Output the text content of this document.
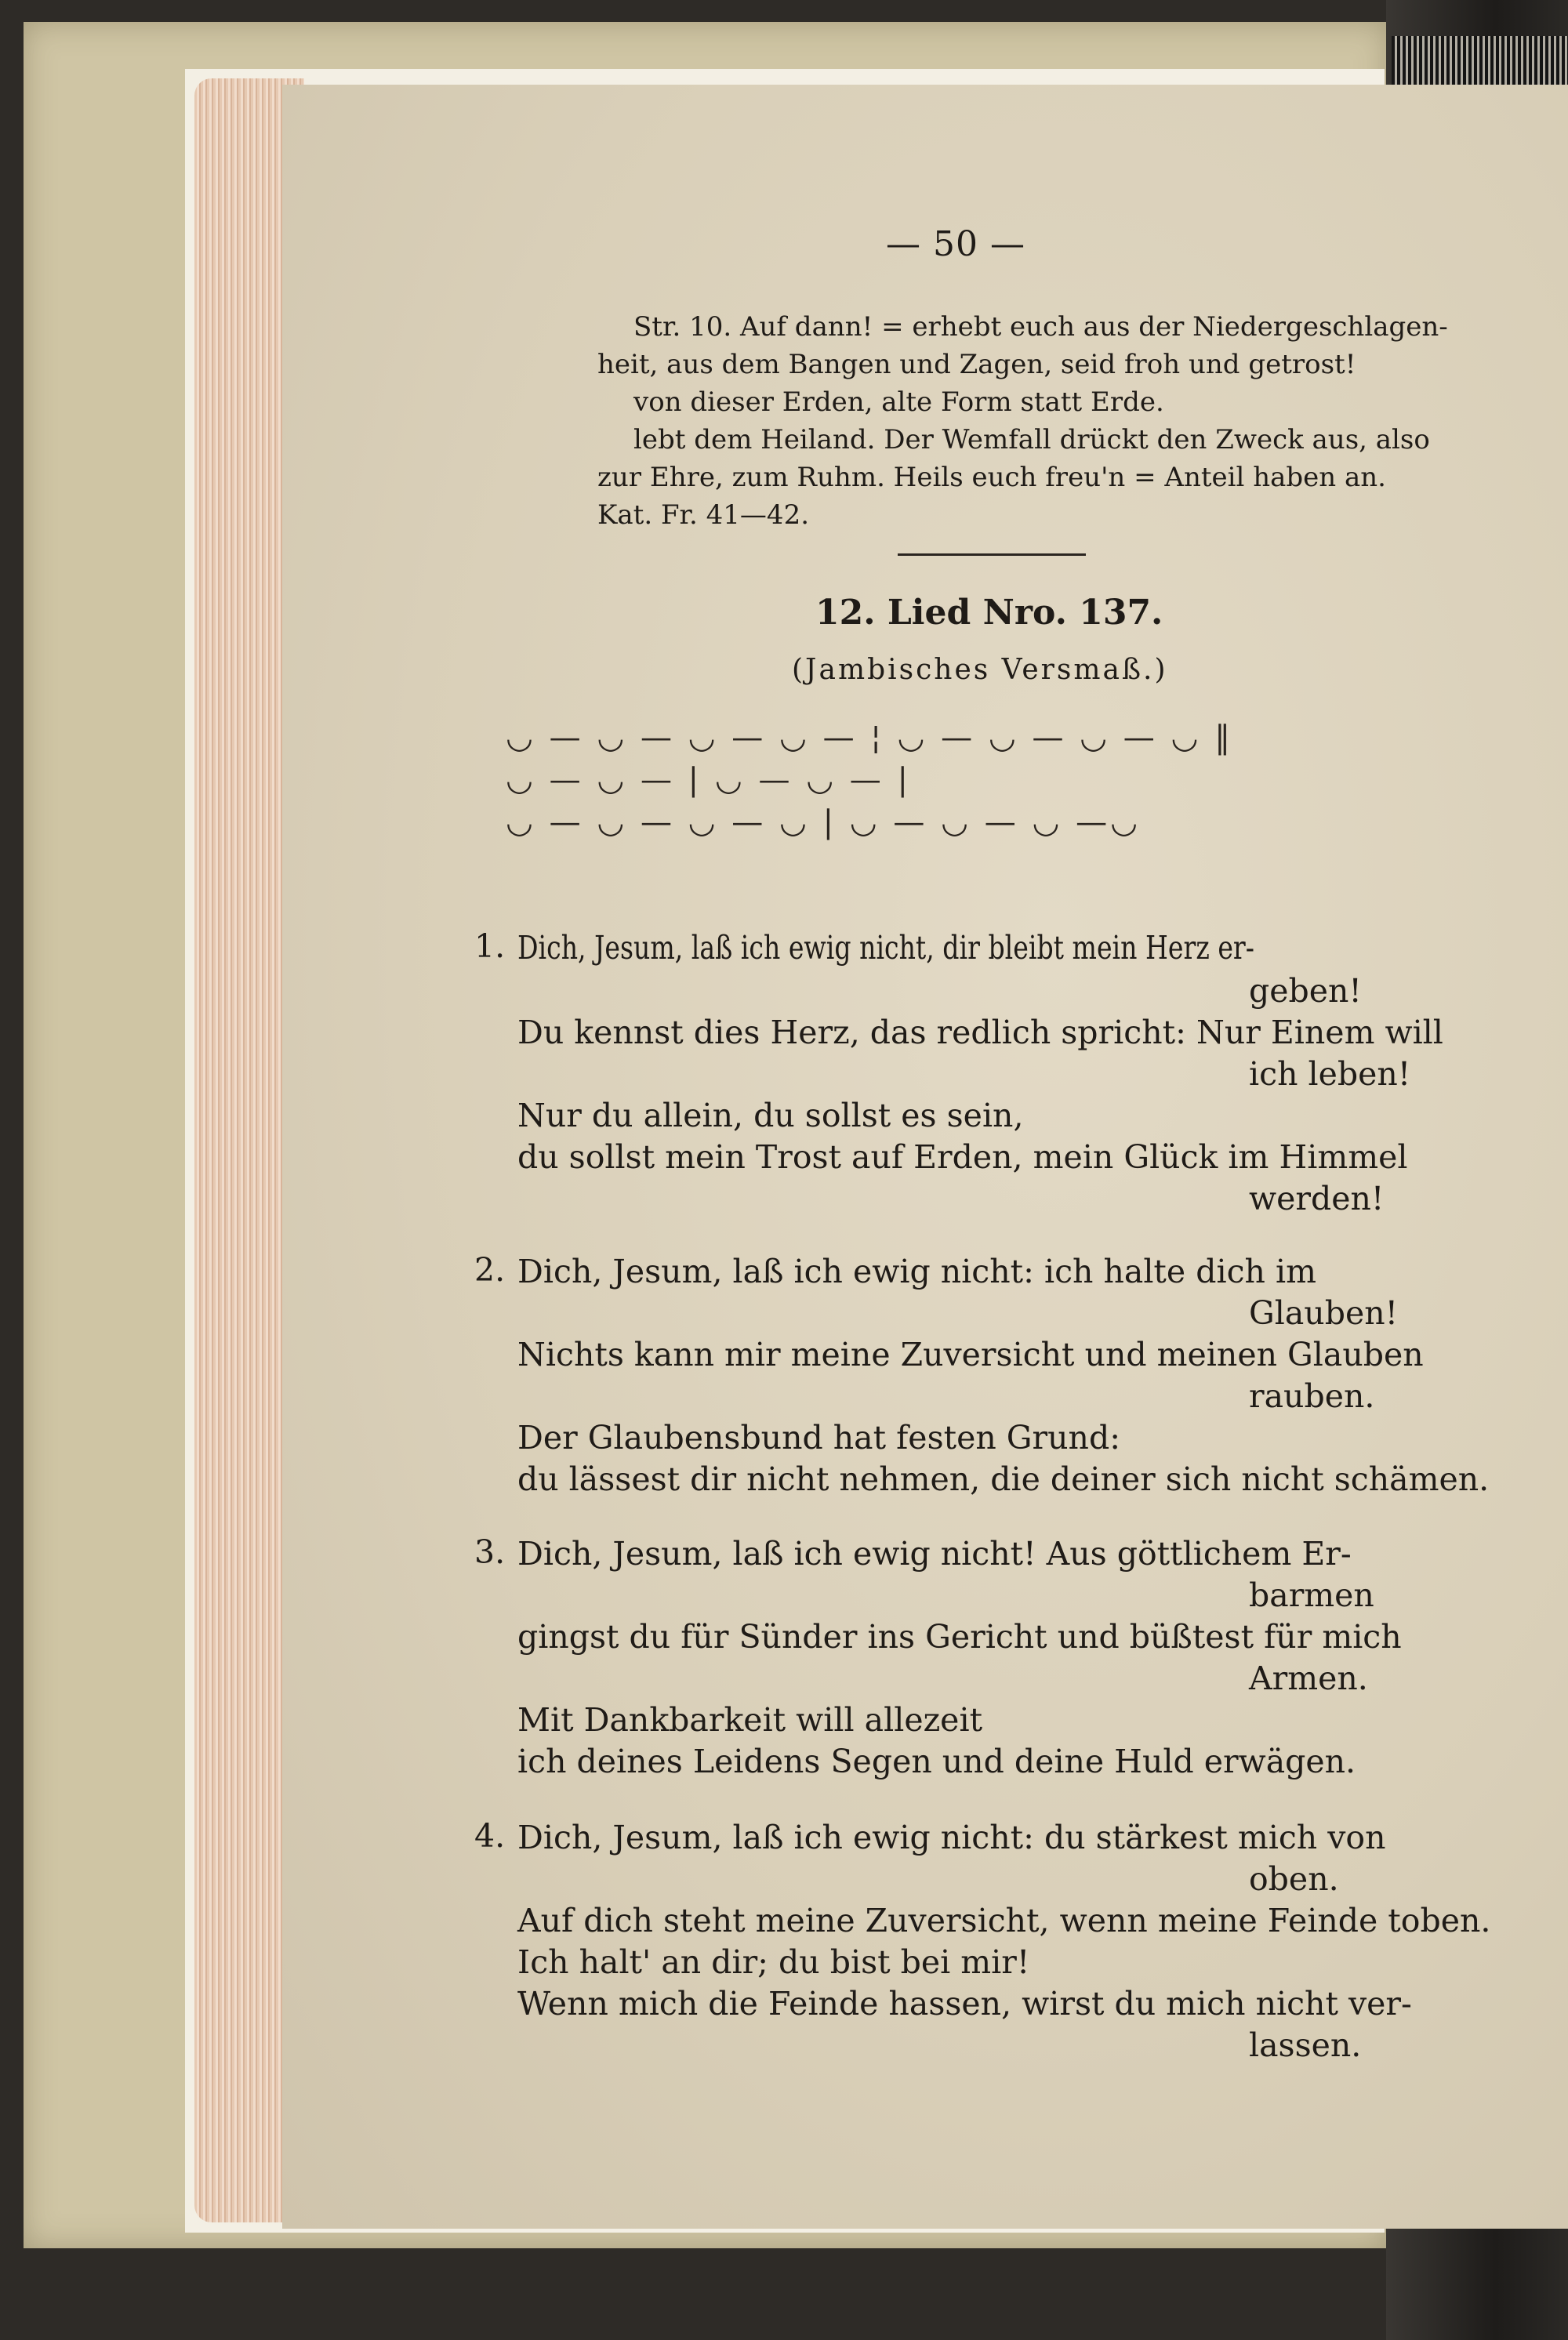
— 50 —
Str. 10. Auf dann! = erhebt euch aus der Niedergeschlagen-
heit, aus dem Bangen und Zagen, seid froh und getrost!
von dieser Erden, alte Form statt Erde.
lebt dem Heiland. Der Wemfall drückt den Zweck aus, also
zur Ehre, zum Ruhm. Heils euch freu'n = Anteil haben an.
Kat. Fr. 41—42.
12. Lied Nro. 137.
(Jambisches Versmaß.)
◡ — ◡ — ◡ — ◡ — ¦ ◡ — ◡ — ◡ — ◡ ‖
◡ — ◡ — | ◡ — ◡ — |
◡ — ◡ — ◡ — ◡ | ◡ — ◡ — ◡ —◡
1. Dich, Jesum, laß ich ewig nicht, dir bleibt mein Herz er-
geben!
Du kennst dies Herz, das redlich spricht: Nur Einem will
ich leben!
Nur du allein, du sollst es sein,
du sollst mein Trost auf Erden, mein Glück im Himmel
werden!
2. Dich, Jesum, laß ich ewig nicht: ich halte dich im
Glauben!
Nichts kann mir meine Zuversicht und meinen Glauben
rauben.
Der Glaubensbund hat festen Grund:
du lässest dir nicht nehmen, die deiner sich nicht schämen.
3. Dich, Jesum, laß ich ewig nicht! Aus göttlichem Er-
barmen
gingst du für Sünder ins Gericht und büßtest für mich
Armen.
Mit Dankbarkeit will allezeit
ich deines Leidens Segen und deine Huld erwägen.
4. Dich, Jesum, laß ich ewig nicht: du stärkest mich von
oben.
Auf dich steht meine Zuversicht, wenn meine Feinde toben.
Ich halt' an dir; du bist bei mir!
Wenn mich die Feinde hassen, wirst du mich nicht ver-
lassen.
